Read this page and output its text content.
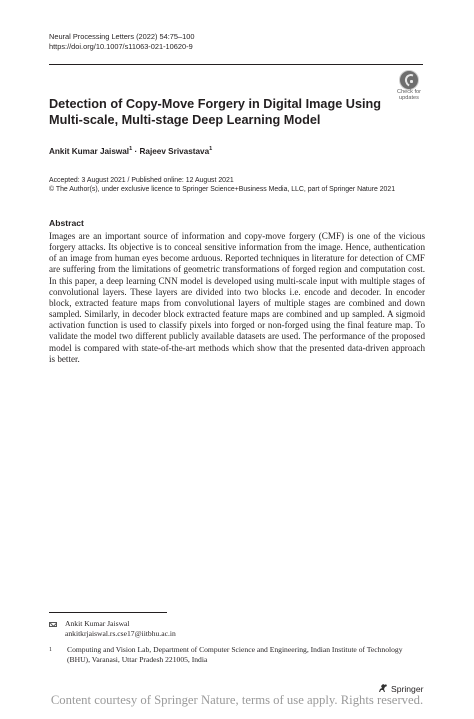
Neural Processing Letters (2022) 54:75–100
https://doi.org/10.1007/s11063-021-10620-9
Check for
updates
Detection of Copy-Move Forgery in Digital Image Using Multi-scale, Multi-stage Deep Learning Model
Ankit Kumar Jaiswal$^1$ · Rajeev Srivastava$^1$
Accepted: 3 August 2021 / Published online: 12 August 2021
© The Author(s), under exclusive licence to Springer Science+Business Media, LLC, part of Springer Nature 2021
Abstract

Images are an important source of information and copy-move forgery (CMF) is one of the vicious forgery attacks. Its objective is to conceal sensitive information from the image. Hence, authentication of an image from human eyes become arduous. Reported techniques in literature for detection of CMF are suffering from the limitations of geometric transformations of forged region and computation cost. In this paper, a deep learning CNN model is developed using multi-scale input with multiple stages of convolutional layers. These layers are divided into two blocks i.e. encode and decoder. In encoder block, extracted feature maps from convolutional layers of multiple stages are combined and down sampled. Similarly, in decoder block extracted feature maps are combined and up sampled. A sigmoid activation function is used to classify pixels into forged or non-forged using the final feature map. To validate the model two different publicly available datasets are used. The performance of the proposed model is compared with state-of-the-art methods which show that the presented data-driven approach is better.

Ankit Kumar Jaiswal
ankitkrjaiswal.rs.cse17@iitbhu.ac.in
1 Computing and Vision Lab, Department of Computer Science and Engineering, Indian Institute of Technology (BHU), Varanasi, Uttar Pradesh 221005, India
Springer
Content courtesy of Springer Nature, terms of use apply. Rights reserved.
